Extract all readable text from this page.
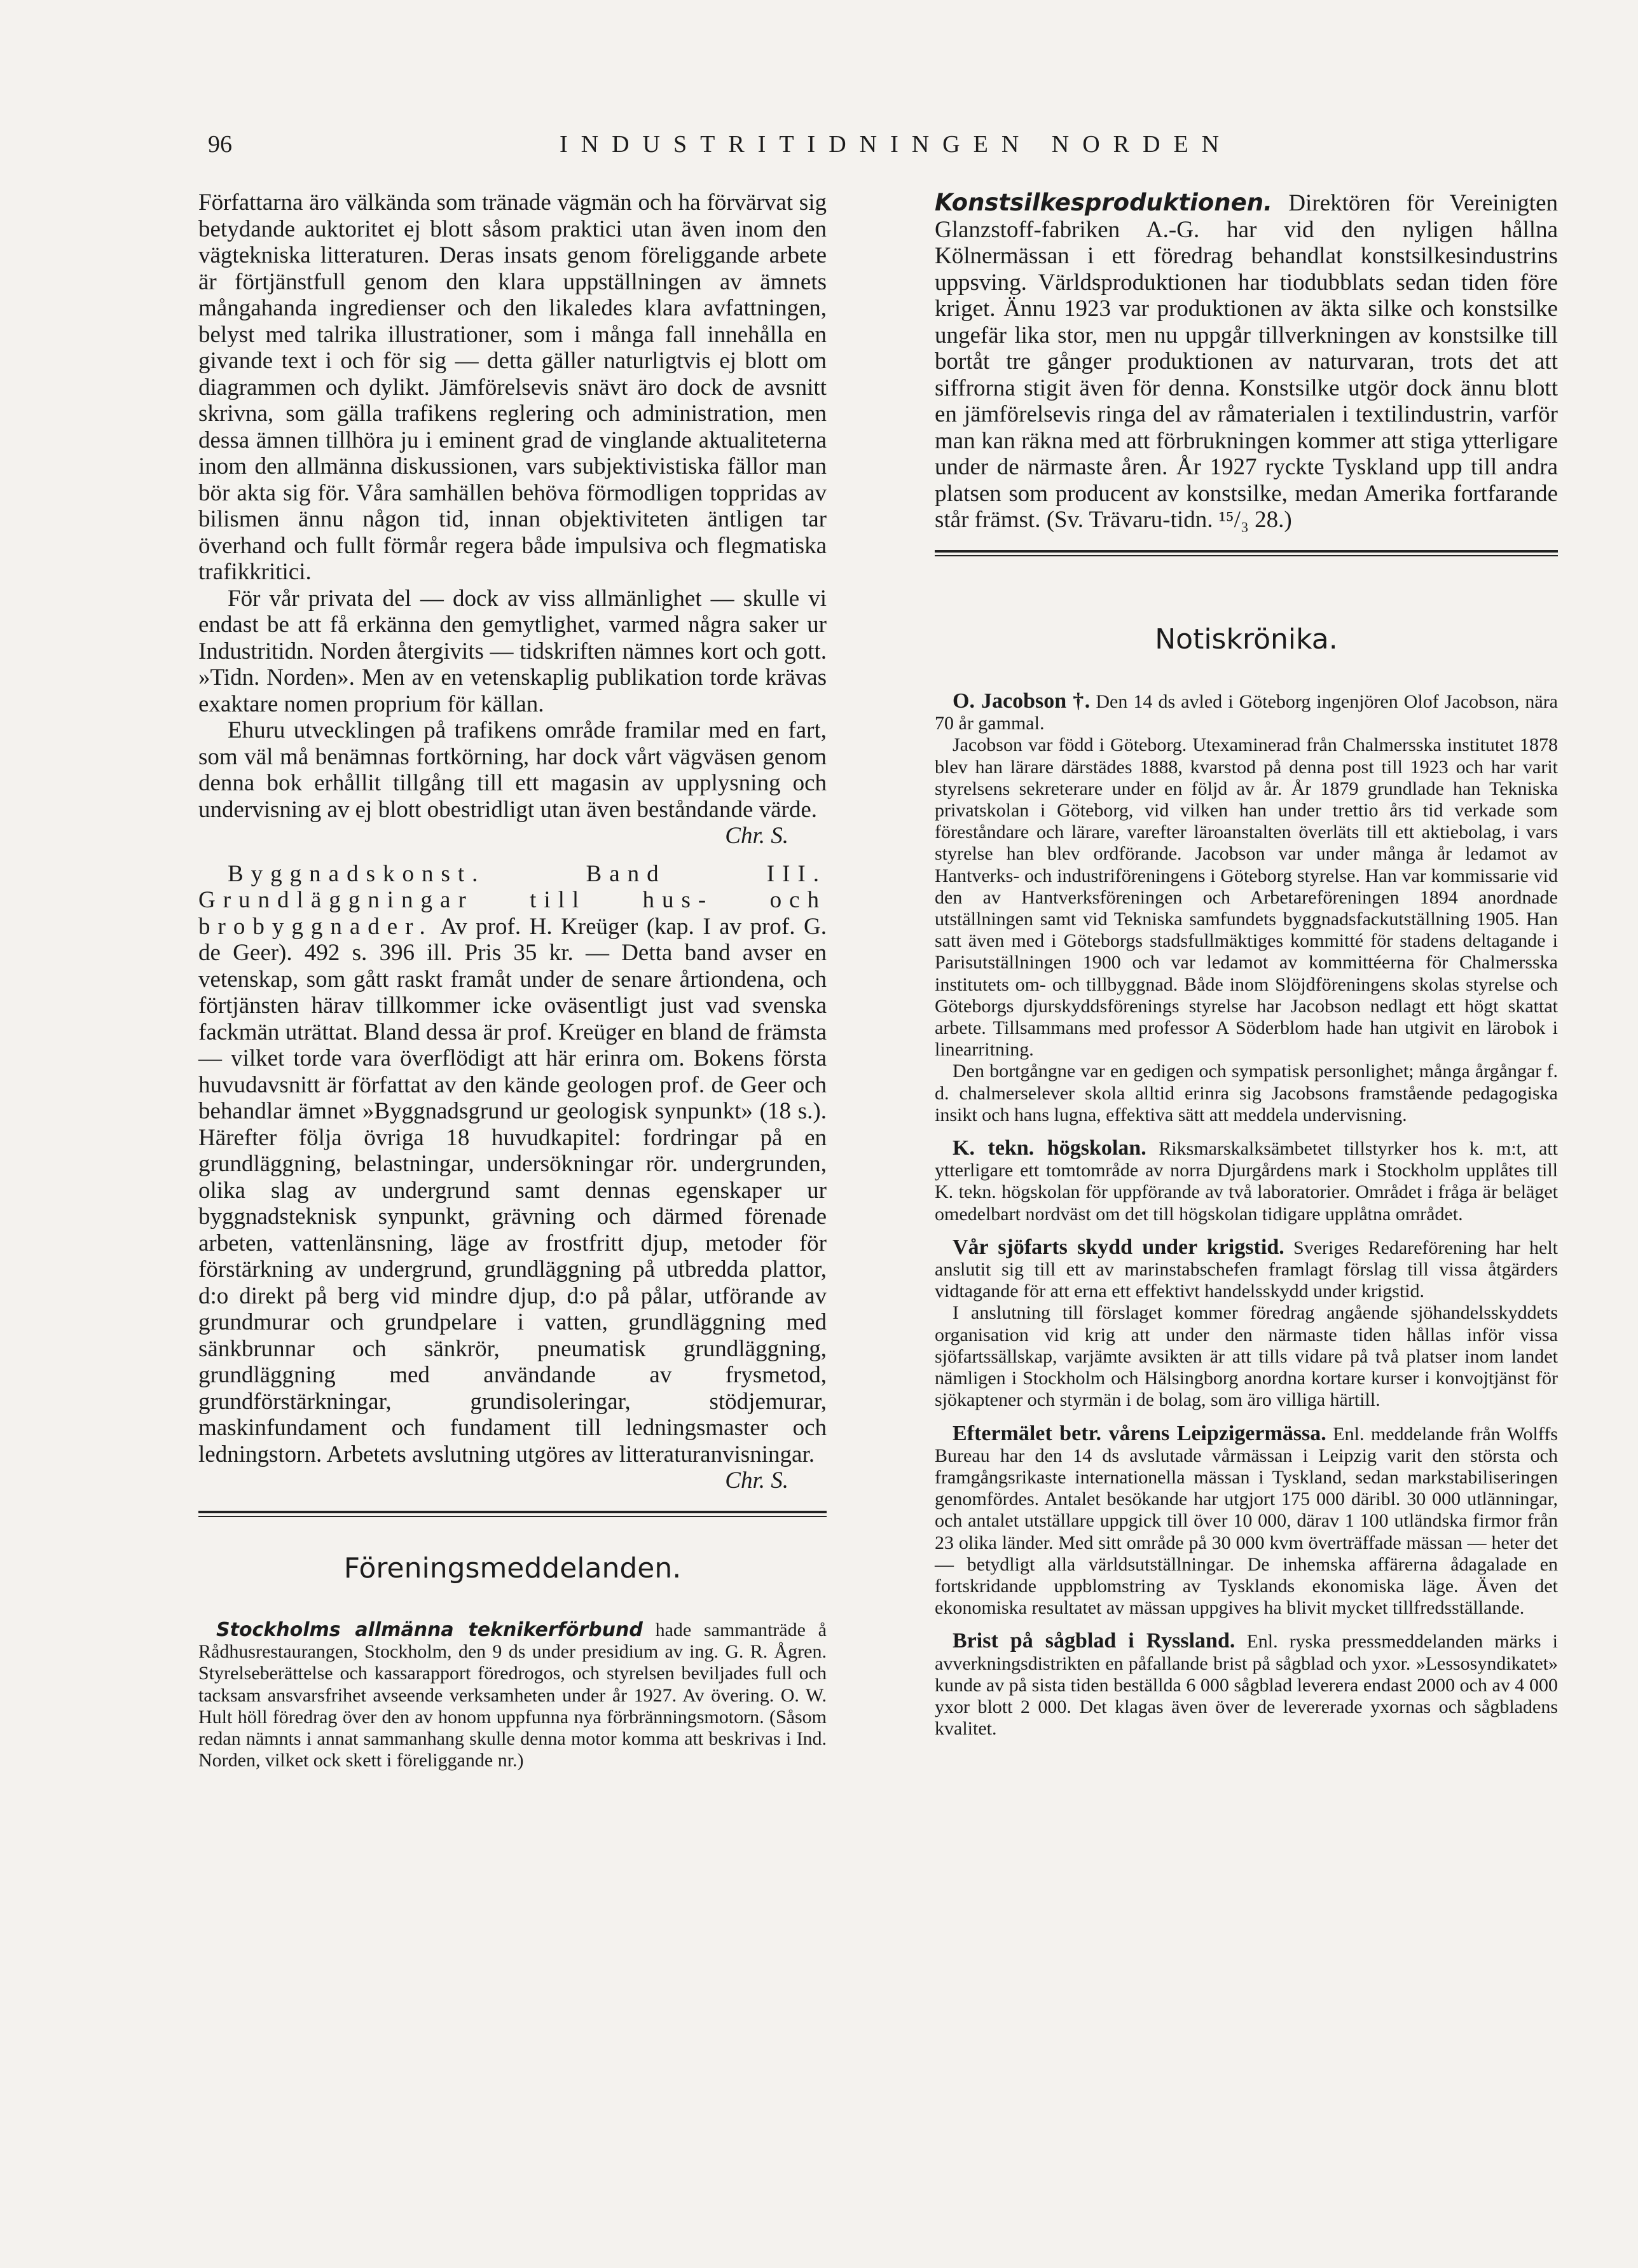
96	INDUSTRITIDNINGEN NORDEN

Författarna äro välkända som tränade vägmän och ha förvärvat sig betydande auktoritet ej blott såsom praktici utan även inom den vägtekniska litteraturen. Deras insats genom föreliggande arbete är förtjänstfull genom den klara uppställningen av ämnets mångahanda ingredienser och den likaledes klara avfattningen, belyst med talrika illustrationer, som i många fall innehålla en givande text i och för sig — detta gäller naturligtvis ej blott om diagrammen och dylikt. Jämförelsevis snävt äro dock de avsnitt skrivna, som gälla trafikens reglering och administration, men dessa ämnen tillhöra ju i eminent grad de vinglande aktualiteterna inom den allmänna diskussionen, vars subjektivistiska fällor man bör akta sig för. Våra samhällen behöva förmodligen toppridas av bilismen ännu någon tid, innan objektiviteten äntligen tar överhand och fullt förmår regera både impulsiva och flegmatiska trafikkritici.

För vår privata del — dock av viss allmänlighet — skulle vi endast be att få erkänna den gemytlighet, varmed några saker ur Industritidn. Norden återgivits — tidskriften nämnes kort och gott. »Tidn. Norden». Men av en vetenskaplig publikation torde krävas exaktare nomen proprium för källan.

Ehuru utvecklingen på trafikens område framilar med en fart, som väl må benämnas fortkörning, har dock vårt vägväsen genom denna bok erhållit tillgång till ett magasin av upplysning och undervisning av ej blott obestridligt utan även beståndande värde.

Chr. S.

Byggnadskonst. Band III. Grundläggningar till hus- och brobyggnader. Av prof. H. Kreüger (kap. I av prof. G. de Geer). 492 s. 396 ill. Pris 35 kr. — Detta band avser en vetenskap, som gått raskt framåt under de senare årtiondena, och förtjänsten härav tillkommer icke oväsentligt just vad svenska fackmän uträttat. Bland dessa är prof. Kreüger en bland de främsta — vilket torde vara överflödigt att här erinra om. Bokens första huvudavsnitt är författat av den kände geologen prof. de Geer och behandlar ämnet »Byggnadsgrund ur geologisk synpunkt» (18 s.). Härefter följa övriga 18 huvudkapitel: fordringar på en grundläggning, belastningar, undersökningar rör. undergrunden, olika slag av undergrund samt dennas egenskaper ur byggnadsteknisk synpunkt, grävning och därmed förenade arbeten, vattenlänsning, läge av frostfritt djup, metoder för förstärkning av undergrund, grundläggning på utbredda plattor, d:o direkt på berg vid mindre djup, d:o på pålar, utförande av grundmurar och grundpelare i vatten, grundläggning med sänkbrunnar och sänkrör, pneumatisk grundläggning, grundläggning med användande av frysmetod, grundförstärkningar, grundisoleringar, stödjemurar, maskinfundament och fundament till ledningsmaster och ledningstorn. Arbetets avslutning utgöres av litteraturanvisningar.

Chr. S.
Föreningsmeddelanden.

Stockholms allmänna teknikerförbund hade sammanträde å Rådhusrestaurangen, Stockholm, den 9 ds under presidium av ing. G. R. Ågren. Styrelseberättelse och kassarapport föredrogos, och styrelsen beviljades full och tacksam ansvarsfrihet avseende verksamheten under år 1927. Av övering. O. W. Hult höll föredrag över den av honom uppfunna nya förbränningsmotorn. (Såsom redan nämnts i annat sammanhang skulle denna motor komma att beskrivas i Ind. Norden, vilket ock skett i föreliggande nr.)

Konstsilkesproduktionen. Direktören för Vereinigten Glanzstoff-fabriken A.-G. har vid den nyligen hållna Kölnermässan i ett föredrag behandlat konstsilkesindustrins uppsving. Världsproduktionen har tiodubblats sedan tiden före kriget. Ännu 1923 var produktionen av äkta silke och konstsilke ungefär lika stor, men nu uppgår tillverkningen av konstsilke till bortåt tre gånger produktionen av naturvaran, trots det att siffrorna stigit även för denna. Konstsilke utgör dock ännu blott en jämförelsevis ringa del av råmaterialen i textilindustrin, varför man kan räkna med att förbrukningen kommer att stiga ytterligare under de närmaste åren. År 1927 ryckte Tyskland upp till andra platsen som producent av konstsilke, medan Amerika fortfarande står främst. (Sv. Trävaru-tidn. ¹⁵/₃ 28.)

Notiskrönika.

O. Jacobson †. Den 14 ds avled i Göteborg ingenjören Olof Jacobson, nära 70 år gammal.

Jacobson var född i Göteborg. Utexaminerad från Chalmersska institutet 1878 blev han lärare därstädes 1888, kvarstod på denna post till 1923 och har varit styrelsens sekreterare under en följd av år. År 1879 grundlade han Tekniska privatskolan i Göteborg, vid vilken han under trettio års tid verkade som föreståndare och lärare, varefter läroanstalten överläts till ett aktiebolag, i vars styrelse han blev ordförande. Jacobson var under många år ledamot av Hantverks- och industriföreningens i Göteborg styrelse. Han var kommissarie vid den av Hantverksföreningen och Arbetareföreningen 1894 anordnade utställningen samt vid Tekniska samfundets byggnadsfackutställning 1905. Han satt även med i Göteborgs stadsfullmäktiges kommitté för stadens deltagande i Parisutställningen 1900 och var ledamot av kommittéerna för Chalmersska institutets om- och tillbyggnad. Både inom Slöjdföreningens skolas styrelse och Göteborgs djurskyddsförenings styrelse har Jacobson nedlagt ett högt skattat arbete. Tillsammans med professor A Söderblom hade han utgivit en lärobok i linearritning.

Den bortgångne var en gedigen och sympatisk personlighet; många årgångar f. d. chalmerselever skola alltid erinra sig Jacobsons framstående pedagogiska insikt och hans lugna, effektiva sätt att meddela undervisning.

K. tekn. högskolan. Riksmarskalksämbetet tillstyrker hos k. m:t, att ytterligare ett tomtområde av norra Djurgårdens mark i Stockholm upplåtes till K. tekn. högskolan för uppförande av två laboratorier. Området i fråga är beläget omedelbart nordväst om det till högskolan tidigare upplåtna området.

Vår sjöfarts skydd under krigstid. Sveriges Redareförening har helt anslutit sig till ett av marinstabschefen framlagt förslag till vissa åtgärders vidtagande för att erna ett effektivt handelsskydd under krigstid.

I anslutning till förslaget kommer föredrag angående sjöhandelsskyddets organisation vid krig att under den närmaste tiden hållas inför vissa sjöfartssällskap, varjämte avsikten är att tills vidare på två platser inom landet nämligen i Stockholm och Hälsingborg anordna kortare kurser i konvojtjänst för sjökaptener och styrmän i de bolag, som äro villiga härtill.

Eftermälet betr. vårens Leipzigermässa. Enl. meddelande från Wolffs Bureau har den 14 ds avslutade vårmässan i Leipzig varit den största och framgångsrikaste internationella mässan i Tyskland, sedan markstabiliseringen genomfördes. Antalet besökande har utgjort 175 000 däribl. 30 000 utlänningar, och antalet utställare uppgick till över 10 000, därav 1 100 utländska firmor från 23 olika länder. Med sitt område på 30 000 kvm överträffade mässan — heter det — betydligt alla världsutställningar. De inhemska affärerna ådagalade en fortskridande uppblomstring av Tysklands ekonomiska läge. Även det ekonomiska resultatet av mässan uppgives ha blivit mycket tillfredsställande.

Brist på sågblad i Ryssland. Enl. ryska pressmeddelanden märks i avverkningsdistrikten en påfallande brist på sågblad och yxor. »Lessosyndikatet» kunde av på sista tiden beställda 6 000 sågblad leverera endast 2000 och av 4 000 yxor blott 2 000. Det klagas även över de levererade yxornas och sågbladens kvalitet.
